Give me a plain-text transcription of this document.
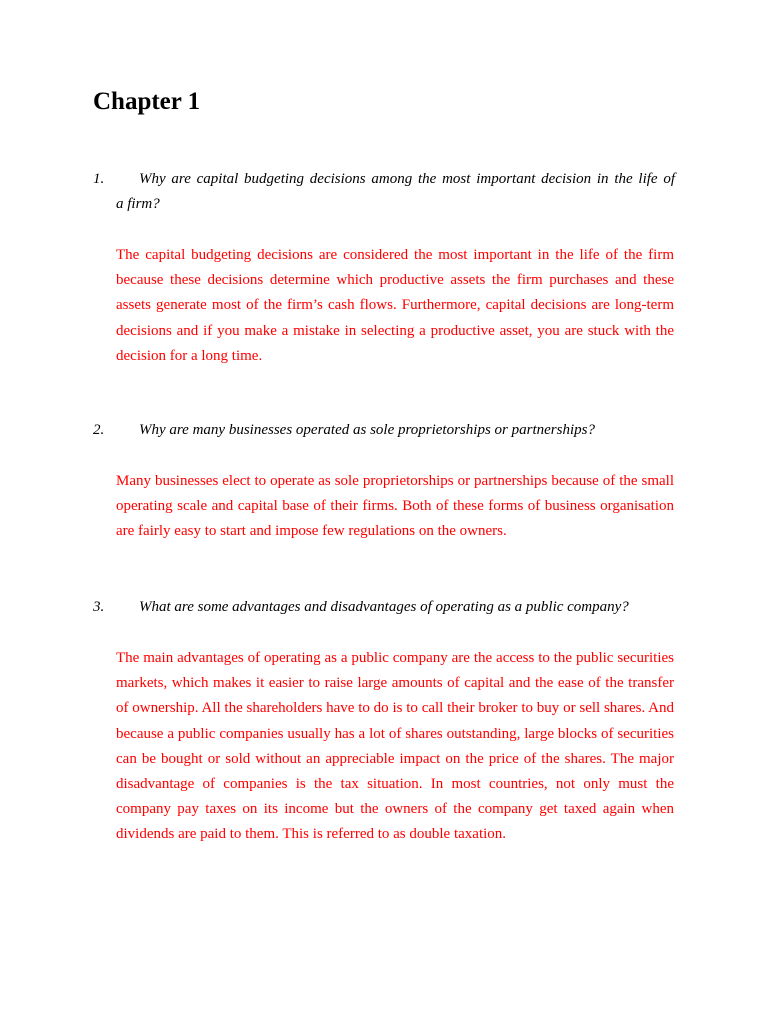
Chapter 1
1.	Why are capital budgeting decisions among the most important decision in the life of
a firm?

The capital budgeting decisions are considered the most important in the life of the firm because these decisions determine which productive assets the firm purchases and these assets generate most of the firm’s cash flows. Furthermore, capital decisions are long-term decisions and if you make a mistake in selecting a productive asset, you are stuck with the decision for a long time.

2.	Why are many businesses operated as sole proprietorships or partnerships?

Many businesses elect to operate as sole proprietorships or partnerships because of the small operating scale and capital base of their firms. Both of these forms of business organisation are fairly easy to start and impose few regulations on the owners.

3.	What are some advantages and disadvantages of operating as a public company?

The main advantages of operating as a public company are the access to the public securities markets, which makes it easier to raise large amounts of capital and the ease of the transfer of ownership. All the shareholders have to do is to call their broker to buy or sell shares. And because a public companies usually has a lot of shares outstanding, large blocks of securities can be bought or sold without an appreciable impact on the price of the shares. The major disadvantage of companies is the tax situation. In most countries, not only must the company pay taxes on its income but the owners of the company get taxed again when dividends are paid to them. This is referred to as double taxation.
